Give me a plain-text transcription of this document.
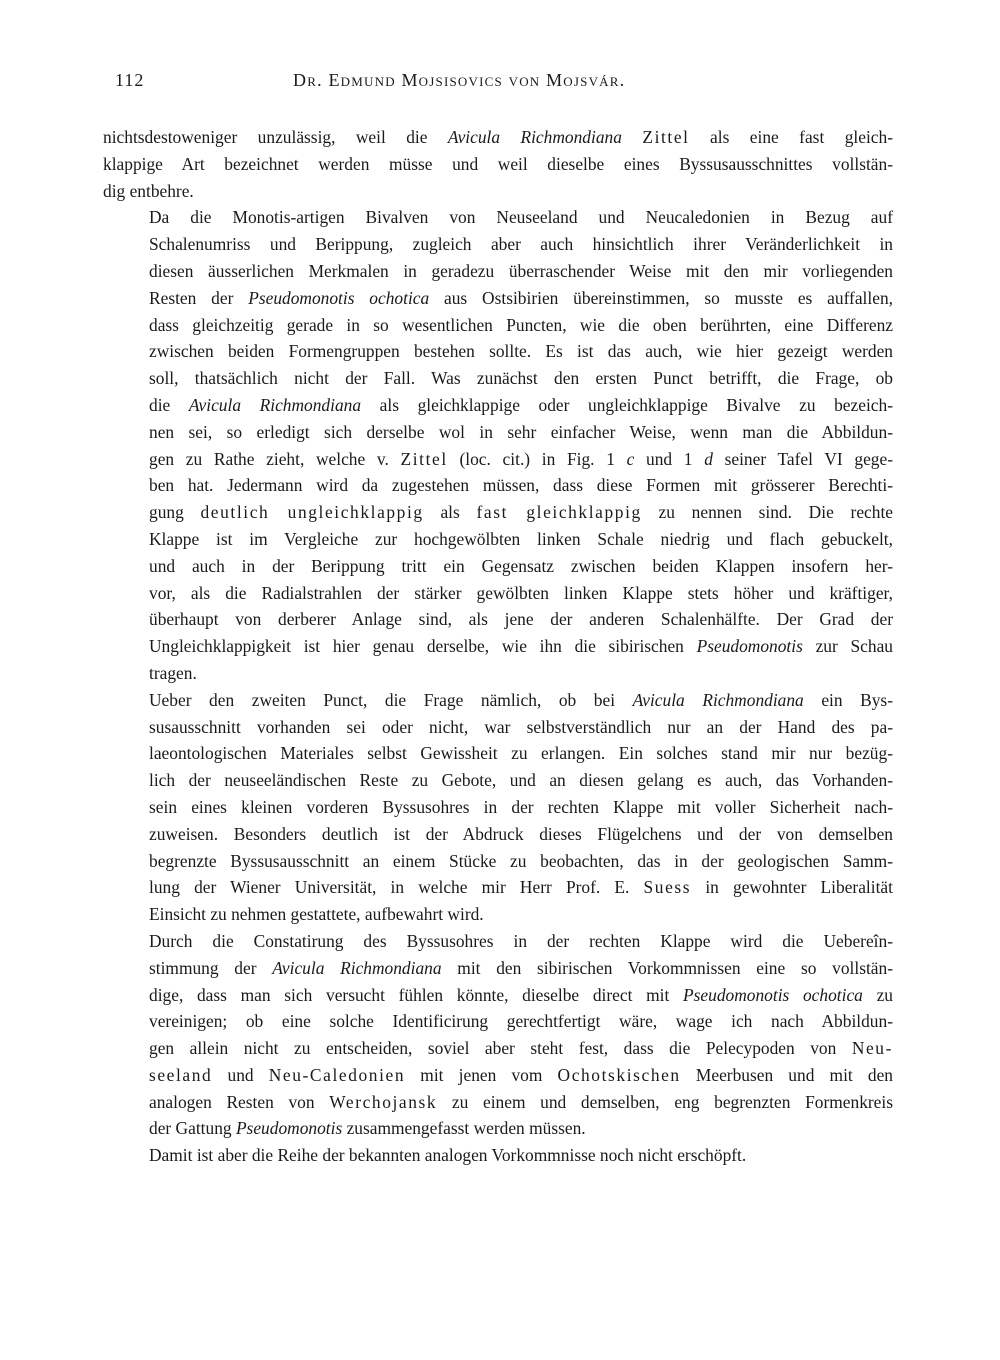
112	Dr. Edmund Mojsisovics von Mojsvár.

nichtsdestoweniger unzulässig, weil die Avicula Richmondiana Zittel als eine fast gleich-
klappige Art bezeichnet werden müsse und weil dieselbe eines Byssusausschnittes vollstän-
dig entbehre.

Da die Monotis-artigen Bivalven von Neuseeland und Neucaledonien in Bezug auf
Schalenumriss und Berippung, zugleich aber auch hinsichtlich ihrer Veränderlichkeit in
diesen äusserlichen Merkmalen in geradezu überraschender Weise mit den mir vorliegenden
Resten der Pseudomonotis ochotica aus Ostsibirien übereinstimmen, so musste es auffallen,
dass gleichzeitig gerade in so wesentlichen Puncten, wie die oben berührten, eine Differenz
zwischen beiden Formengruppen bestehen sollte. Es ist das auch, wie hier gezeigt werden
soll, thatsächlich nicht der Fall. Was zunächst den ersten Punct betrifft, die Frage, ob
die Avicula Richmondiana als gleichklappige oder ungleichklappige Bivalve zu bezeich-
nen sei, so erledigt sich derselbe wol in sehr einfacher Weise, wenn man die Abbildun-
gen zu Rathe zieht, welche v. Zittel (loc. cit.) in Fig. 1 c und 1 d seiner Tafel VI gege-
ben hat. Jedermann wird da zugestehen müssen, dass diese Formen mit grösserer Berechti-
gung deutlich ungleichklappig als fast gleichklappig zu nennen sind. Die rechte
Klappe ist im Vergleiche zur hochgewölbten linken Schale niedrig und flach gebuckelt,
und auch in der Berippung tritt ein Gegensatz zwischen beiden Klappen insofern her-
vor, als die Radialstrahlen der stärker gewölbten linken Klappe stets höher und kräftiger,
überhaupt von derberer Anlage sind, als jene der anderen Schalenhälfte. Der Grad der
Ungleichklappigkeit ist hier genau derselbe, wie ihn die sibirischen Pseudomonotis zur Schau
tragen.

Ueber den zweiten Punct, die Frage nämlich, ob bei Avicula Richmondiana ein Bys-
susausschnitt vorhanden sei oder nicht, war selbstverständlich nur an der Hand des pa-
laeontologischen Materiales selbst Gewissheit zu erlangen. Ein solches stand mir nur bezüg-
lich der neuseeländischen Reste zu Gebote, und an diesen gelang es auch, das Vorhanden-
sein eines kleinen vorderen Byssusohres in der rechten Klappe mit voller Sicherheit nach-
zuweisen. Besonders deutlich ist der Abdruck dieses Flügelchens und der von demselben
begrenzte Byssusausschnitt an einem Stücke zu beobachten, das in der geologischen Samm-
lung der Wiener Universität, in welche mir Herr Prof. E. Suess in gewohnter Liberalität
Einsicht zu nehmen gestattete, aufbewahrt wird.

Durch die Constatirung des Byssusohres in der rechten Klappe wird die Uebereîn-
stimmung der Avicula Richmondiana mit den sibirischen Vorkommnissen eine so vollstän-
dige, dass man sich versucht fühlen könnte, dieselbe direct mit Pseudomonotis ochotica zu
vereinigen; ob eine solche Identificirung gerechtfertigt wäre, wage ich nach Abbildun-
gen allein nicht zu entscheiden, soviel aber steht fest, dass die Pelecypoden von Neu-
seeland und Neu-Caledonien mit jenen vom Ochotskischen Meerbusen und mit den
analogen Resten von Werchojansk zu einem und demselben, eng begrenzten Formenkreis
der Gattung Pseudomonotis zusammengefasst werden müssen.

Damit ist aber die Reihe der bekannten analogen Vorkommnisse noch nicht erschöpft.
